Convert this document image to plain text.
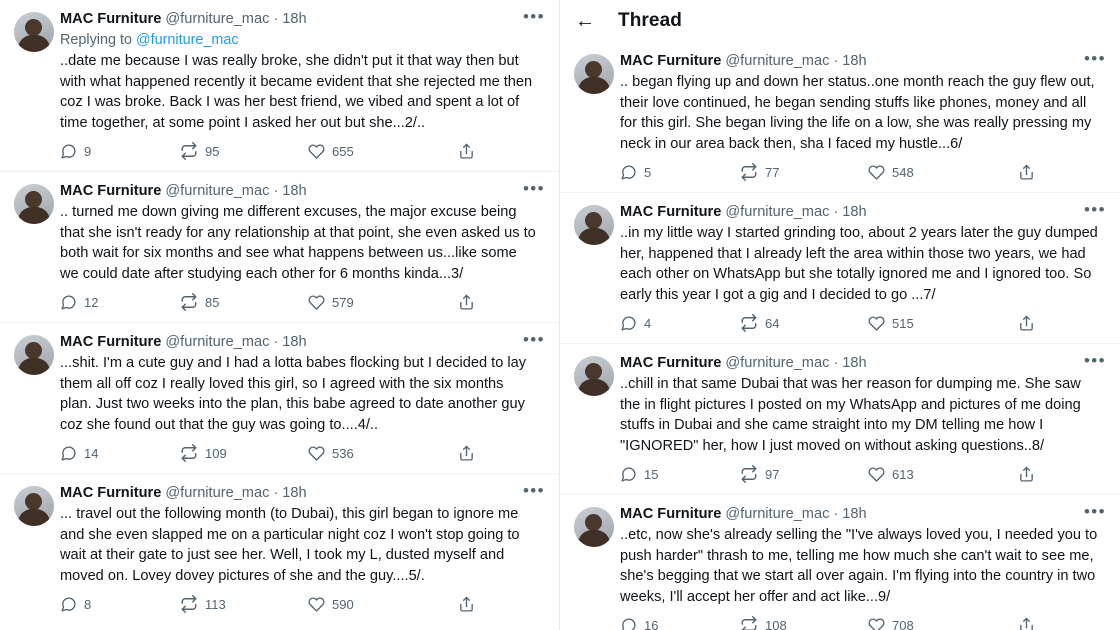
MAC Furniture @furniture_mac · 18h
Replying to @furniture_mac
..date me because I was really broke, she didn't put it that way then but with what happened recently it became evident that she rejected me then coz I was broke. Back I was her best friend, we vibed and spent a lot of time together, at some point I asked her out but she...2/..
9	95	655
•••
MAC Furniture @furniture_mac · 18h
.. turned me down giving me different excuses, the major excuse being that she isn't ready for any relationship at that point, she even asked us to both wait for six months and see what happens between us...like some we could date after studying each other for 6 months kinda...3/
12	85	579
•••
MAC Furniture @furniture_mac · 18h
...shit. I'm a cute guy and I had a lotta babes flocking but I decided to lay them all off coz I really loved this girl, so I agreed with the six months plan. Just two weeks into the plan, this babe agreed to date another guy coz she found out that the guy was going to....4/..
14	109	536
•••
MAC Furniture @furniture_mac · 18h
... travel out the following month (to Dubai), this girl began to ignore me and she even slapped me on a particular night coz I won't stop going to wait at their gate to just see her. Well, I took my L, dusted myself and moved on. Lovey dovey pictures of she and the guy....5/.
8	113	590
•••
← Thread
MAC Furniture @furniture_mac · 18h
.. began flying up and down her status..one month reach the guy flew out, their love continued, he began sending stuffs like phones, money and all for this girl. She began living the life on a low, she was really pressing my neck in our area back then, sha I faced my hustle...6/
5	77	548
•••
MAC Furniture @furniture_mac · 18h
..in my little way I started grinding too, about 2 years later the guy dumped her, happened that I already left the area within those two years, we had each other on WhatsApp but she totally ignored me and I ignored too. So early this year I got a gig and I decided to go ...7/
4	64	515
•••
MAC Furniture @furniture_mac · 18h
..chill in that same Dubai that was her reason for dumping me. She saw the in flight pictures I posted on my WhatsApp and pictures of me doing stuffs in Dubai and she came straight into my DM telling me how I "IGNORED" her, how I just moved on without asking questions..8/
15	97	613
•••
MAC Furniture @furniture_mac · 18h
..etc, now she's already selling the "I've always loved you, I needed you to push harder" thrash to me, telling me how much she can't wait to see me, she's begging that we start all over again. I'm flying into the country in two weeks, I'll accept her offer and act like...9/
16	108	708
•••
